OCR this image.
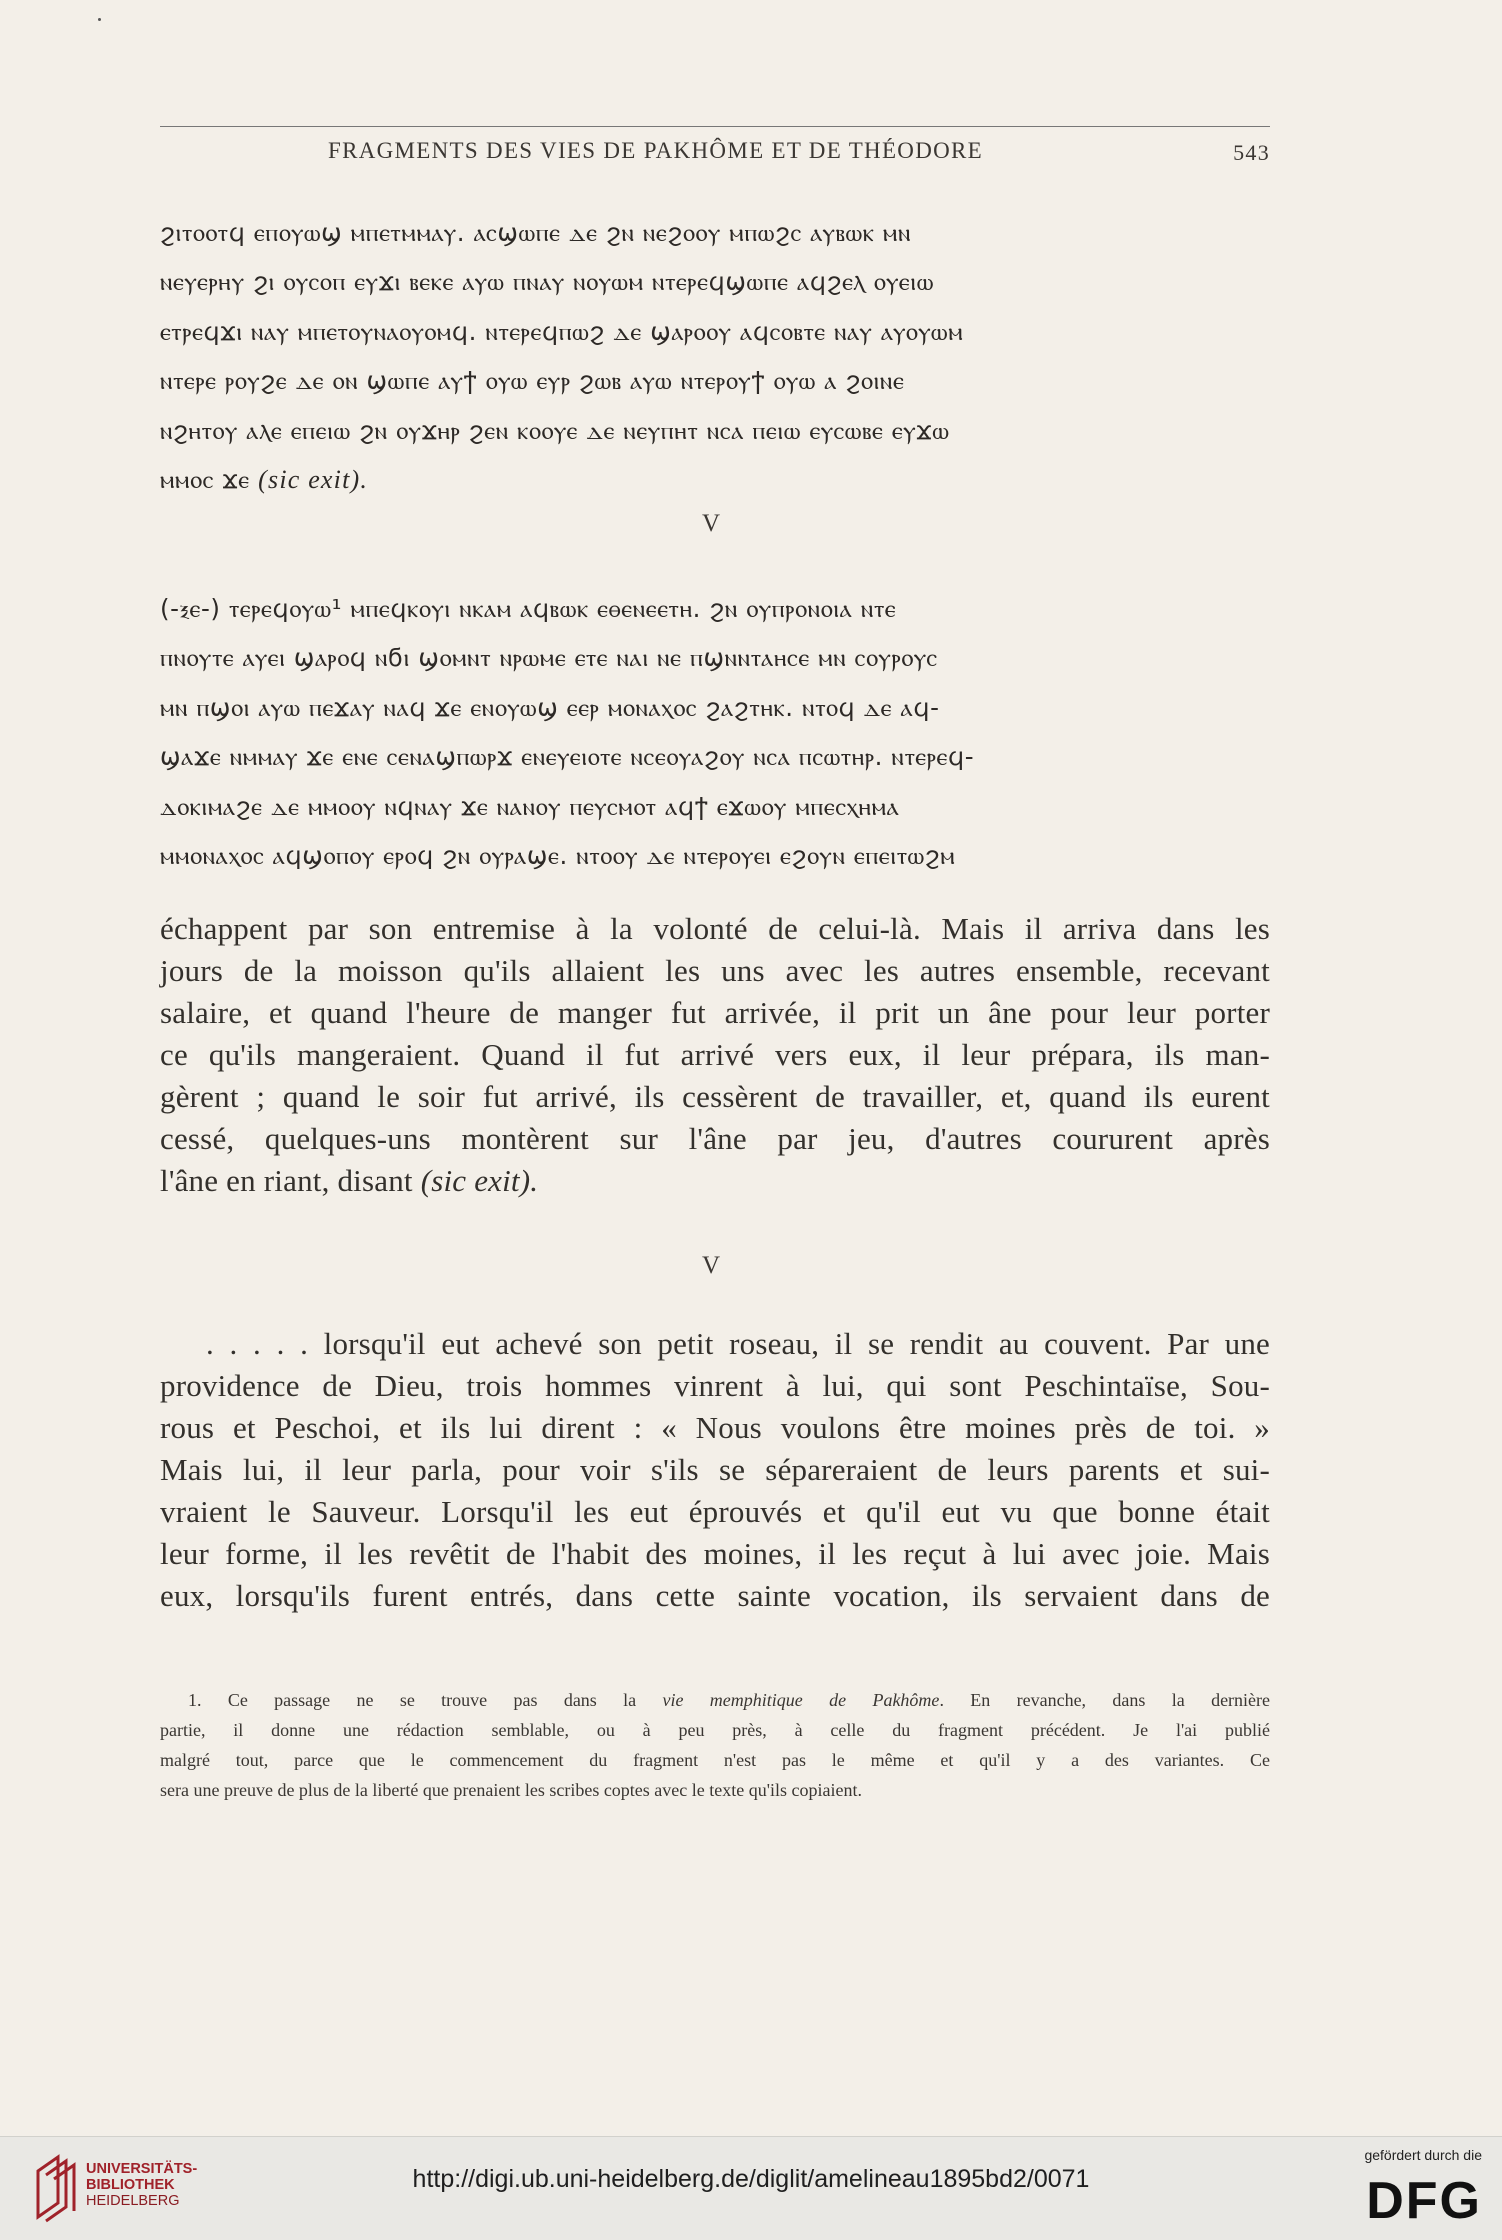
FRAGMENTS DES VIES DE PAKHÔME ET DE THÉODORE	543
ϩⲓⲧⲟⲟⲧϥ ⲉⲡⲟⲩⲱϣ ⲙⲡⲉⲧⲙⲙⲁⲩ. ⲁⲥϣⲱⲡⲉ ⲇⲉ ϩⲛ ⲛⲉϩⲟⲟⲩ ⲙⲡⲱϩⲥ ⲁⲩⲃⲱⲕ ⲙⲛ
ⲛⲉⲩⲉⲣⲏⲩ ϩⲓ ⲟⲩⲥⲟⲡ ⲉⲩϫⲓ ⲃⲉⲕⲉ ⲁⲩⲱ ⲡⲛⲁⲩ ⲛⲟⲩⲱⲙ ⲛⲧⲉⲣⲉϥϣⲱⲡⲉ ⲁϥϩⲉⲗ ⲟⲩⲉⲓⲱ
ⲉⲧⲣⲉϥϫⲓ ⲛⲁⲩ ⲙⲡⲉⲧⲟⲩⲛⲁⲟⲩⲟⲙϥ. ⲛⲧⲉⲣⲉϥⲡⲱϩ ⲇⲉ ϣⲁⲣⲟⲟⲩ ⲁϥⲥⲟⲃⲧⲉ ⲛⲁⲩ ⲁⲩⲟⲩⲱⲙ
ⲛⲧⲉⲣⲉ ⲣⲟⲩϩⲉ ⲇⲉ ⲟⲛ ϣⲱⲡⲉ ⲁⲩϯ ⲟⲩⲱ ⲉⲩⲣ ϩⲱⲃ ⲁⲩⲱ ⲛⲧⲉⲣⲟⲩϯ ⲟⲩⲱ ⲁ ϩⲟⲓⲛⲉ
ⲛϩⲏⲧⲟⲩ ⲁⲗⲉ ⲉⲡⲉⲓⲱ ϩⲛ ⲟⲩϫⲏⲣ ϩⲉⲛ ⲕⲟⲟⲩⲉ ⲇⲉ ⲛⲉⲩⲡⲏⲧ ⲛⲥⲁ ⲡⲉⲓⲱ ⲉⲩⲥⲱⲃⲉ ⲉⲩϫⲱ
ⲙⲙⲟⲥ ϫⲉ (sic exit).
V
(-ⲝⲉ-) ⲧⲉⲣⲉϥⲟⲩⲱ¹ ⲙⲡⲉϥⲕⲟⲩⲓ ⲛⲕⲁⲙ ⲁϥⲃⲱⲕ ⲉⲑⲉⲛⲉⲉⲧⲏ. ϩⲛ ⲟⲩⲡⲣⲟⲛⲟⲓⲁ ⲛⲧⲉ
ⲡⲛⲟⲩⲧⲉ ⲁⲩⲉⲓ ϣⲁⲣⲟϥ ⲛϭⲓ ϣⲟⲙⲛⲧ ⲛⲣⲱⲙⲉ ⲉⲧⲉ ⲛⲁⲓ ⲛⲉ ⲡϣⲛⲛⲧⲁⲏⲥⲉ ⲙⲛ ⲥⲟⲩⲣⲟⲩⲥ
ⲙⲛ ⲡϣⲟⲓ ⲁⲩⲱ ⲡⲉϫⲁⲩ ⲛⲁϥ ϫⲉ ⲉⲛⲟⲩⲱϣ ⲉⲉⲣ ⲙⲟⲛⲁⲭⲟⲥ ϩⲁϩⲧⲏⲕ. ⲛⲧⲟϥ ⲇⲉ ⲁϥ-
ϣⲁϫⲉ ⲛⲙⲙⲁⲩ ϫⲉ ⲉⲛⲉ ⲥⲉⲛⲁϣⲡⲱⲣϫ ⲉⲛⲉⲩⲉⲓⲟⲧⲉ ⲛⲥⲉⲟⲩⲁϩⲟⲩ ⲛⲥⲁ ⲡⲥⲱⲧⲏⲣ. ⲛⲧⲉⲣⲉϥ-
ⲇⲟⲕⲓⲙⲁϩⲉ ⲇⲉ ⲙⲙⲟⲟⲩ ⲛϥⲛⲁⲩ ϫⲉ ⲛⲁⲛⲟⲩ ⲡⲉⲩⲥⲙⲟⲧ ⲁϥϯ ⲉϫⲱⲟⲩ ⲙⲡⲉⲥⲭⲏⲙⲁ
ⲙⲙⲟⲛⲁⲭⲟⲥ ⲁϥϣⲟⲡⲟⲩ ⲉⲣⲟϥ ϩⲛ ⲟⲩⲣⲁϣⲉ. ⲛⲧⲟⲟⲩ ⲇⲉ ⲛⲧⲉⲣⲟⲩⲉⲓ ⲉϩⲟⲩⲛ ⲉⲡⲉⲓⲧⲱϩⲙ
échappent par son entremise à la volonté de celui-là. Mais il arriva dans les
jours de la moisson qu'ils allaient les uns avec les autres ensemble, recevant
salaire, et quand l'heure de manger fut arrivée, il prit un âne pour leur porter
ce qu'ils mangeraient. Quand il fut arrivé vers eux, il leur prépara, ils man-
gèrent ; quand le soir fut arrivé, ils cessèrent de travailler, et, quand ils eurent
cessé, quelques-uns montèrent sur l'âne par jeu, d'autres coururent après
l'âne en riant, disant (sic exit).
V
. . . . . lorsqu'il eut achevé son petit roseau, il se rendit au couvent. Par une
providence de Dieu, trois hommes vinrent à lui, qui sont Peschintaïse, Sou-
rous et Peschoi, et ils lui dirent : « Nous voulons être moines près de toi. »
Mais lui, il leur parla, pour voir s'ils se sépareraient de leurs parents et sui-
vraient le Sauveur. Lorsqu'il les eut éprouvés et qu'il eut vu que bonne était
leur forme, il les revêtit de l'habit des moines, il les reçut à lui avec joie. Mais
eux, lorsqu'ils furent entrés, dans cette sainte vocation, ils servaient dans de
1. Ce passage ne se trouve pas dans la vie memphitique de Pakhôme. En revanche, dans la dernière
partie, il donne une rédaction semblable, ou à peu près, à celle du fragment précédent. Je l'ai publié
malgré tout, parce que le commencement du fragment n'est pas le même et qu'il y a des variantes. Ce
sera une preuve de plus de la liberté que prenaient les scribes coptes avec le texte qu'ils copiaient.
UNIVERSITÄTS-
BIBLIOTHEK
HEIDELBERG
http://digi.ub.uni-heidelberg.de/diglit/amelineau1895bd2/0071
gefördert durch die
DFG
